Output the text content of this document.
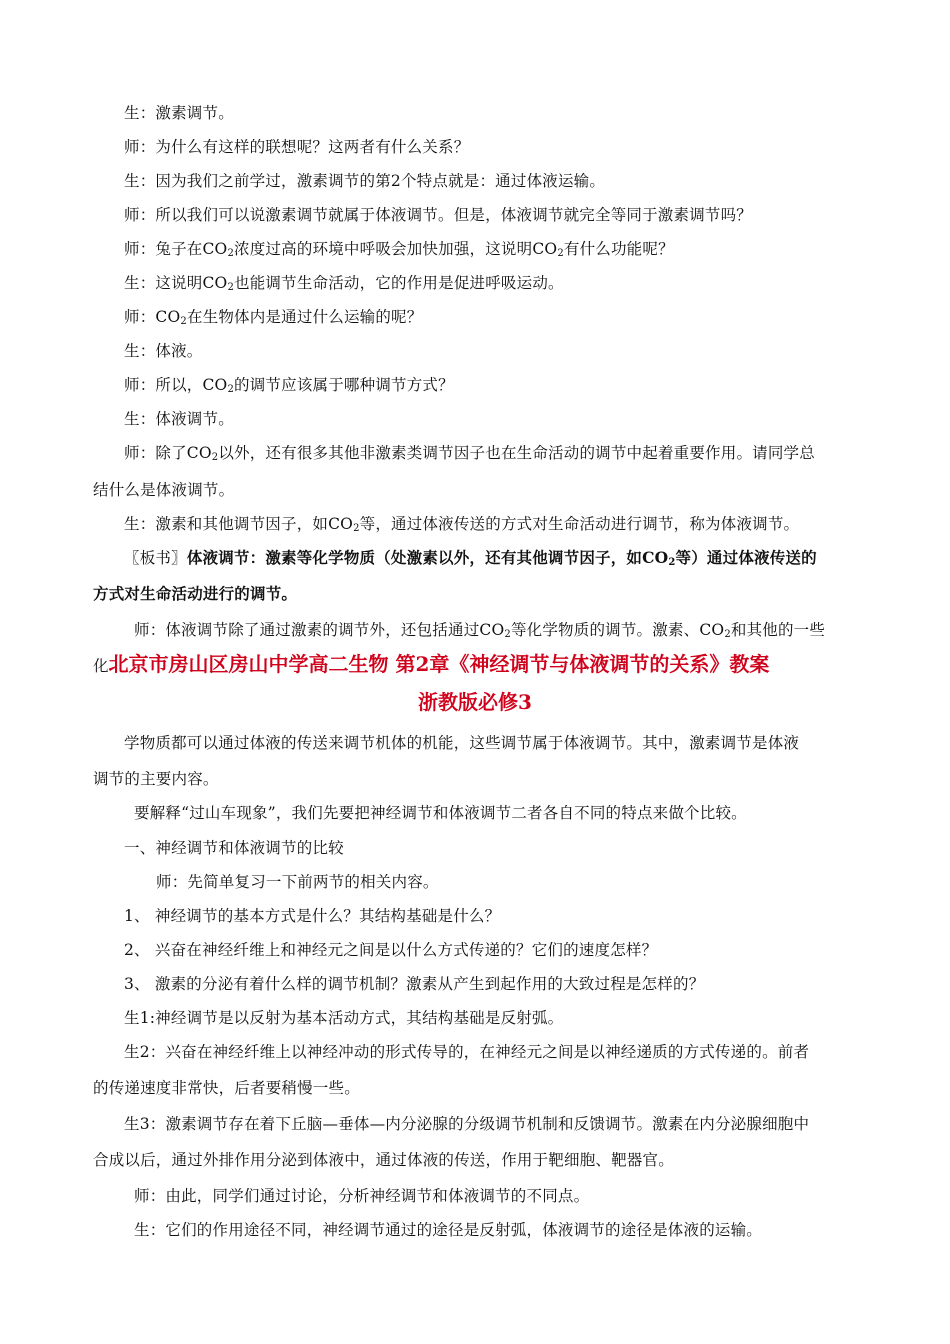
生：激素调节。
师：为什么有这样的联想呢？这两者有什么关系？
生：因为我们之前学过，激素调节的第2个特点就是：通过体液运输。
师：所以我们可以说激素调节就属于体液调节。但是，体液调节就完全等同于激素调节吗？
师：兔子在$CO_2$浓度过高的环境中呼吸会加快加强，这说明$CO_2$有什么功能呢？
生：这说明$CO_2$也能调节生命活动，它的作用是促进呼吸运动。
师：$CO_2$在生物体内是通过什么运输的呢？
生：体液。
师：所以，$CO_2$的调节应该属于哪种调节方式？
生：体液调节。
师：除了$CO_2$以外，还有很多其他非激素类调节因子也在生命活动的调节中起着重要作用。请同学总
结什么是体液调节。
生：激素和其他调节因子，如$CO_2$等，通过体液传送的方式对生命活动进行调节，称为体液调节。
〖板书〗体液调节：激素等化学物质（处激素以外，还有其他调节因子，如$CO_2$等）通过体液传送的
方式对生命活动进行的调节。
师：体液调节除了通过激素的调节外，还包括通过$CO_2$等化学物质的调节。激素、$CO_2$和其他的一些
化北京市房山区房山中学高二生物 第2章《神经调节与体液调节的关系》教案
浙教版必修3
学物质都可以通过体液的传送来调节机体的机能，这些调节属于体液调节。其中，激素调节是体液
调节的主要内容。
要解释“过山车现象”，我们先要把神经调节和体液调节二者各自不同的特点来做个比较。
一、神经调节和体液调节的比较
师：先简单复习一下前两节的相关内容。
1、 神经调节的基本方式是什么？其结构基础是什么？
2、 兴奋在神经纤维上和神经元之间是以什么方式传递的？它们的速度怎样？
3、 激素的分泌有着什么样的调节机制？激素从产生到起作用的大致过程是怎样的？
生1:神经调节是以反射为基本活动方式，其结构基础是反射弧。
生2：兴奋在神经纤维上以神经冲动的形式传导的，在神经元之间是以神经递质的方式传递的。前者
的传递速度非常快，后者要稍慢一些。
生3：激素调节存在着下丘脑—垂体—内分泌腺的分级调节机制和反馈调节。激素在内分泌腺细胞中
合成以后，通过外排作用分泌到体液中，通过体液的传送，作用于靶细胞、靶器官。
师：由此，同学们通过讨论，分析神经调节和体液调节的不同点。
生：它们的作用途径不同，神经调节通过的途径是反射弧，体液调节的途径是体液的运输。
